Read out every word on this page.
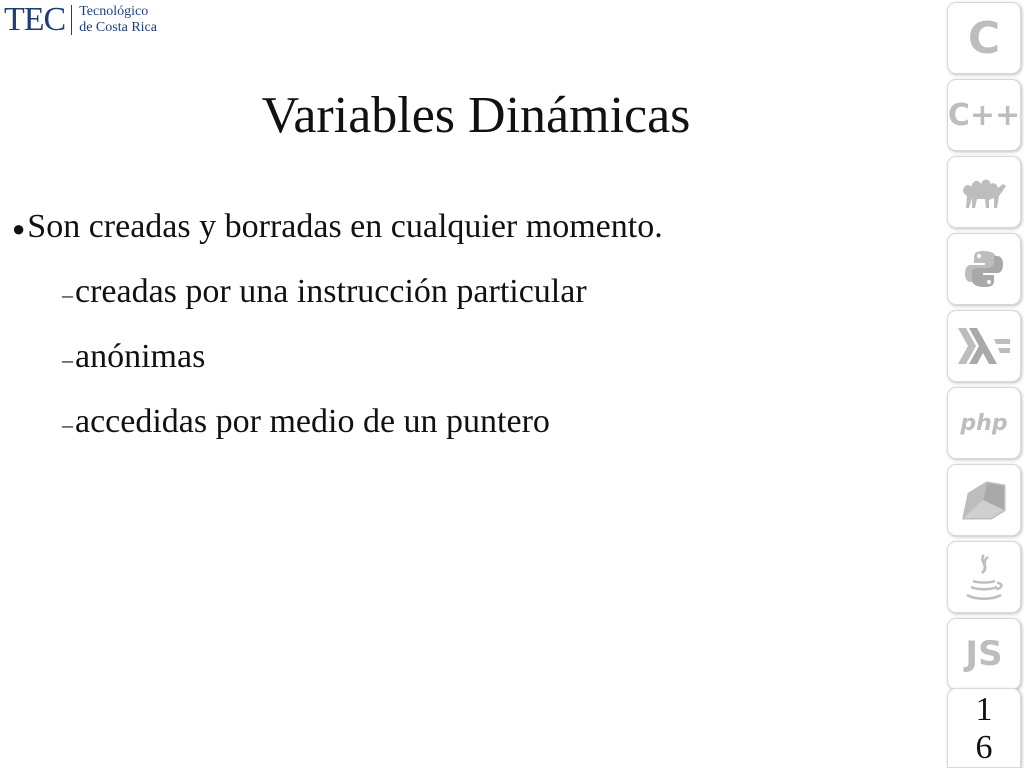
TEC Tecnológico
de Costa Rica
Variables Dinámicas
●Son creadas y borradas en cualquier momento.
–creadas por una instrucción particular
–anónimas
–accedidas por medio de un puntero
C
C++
php
JS
1
6
